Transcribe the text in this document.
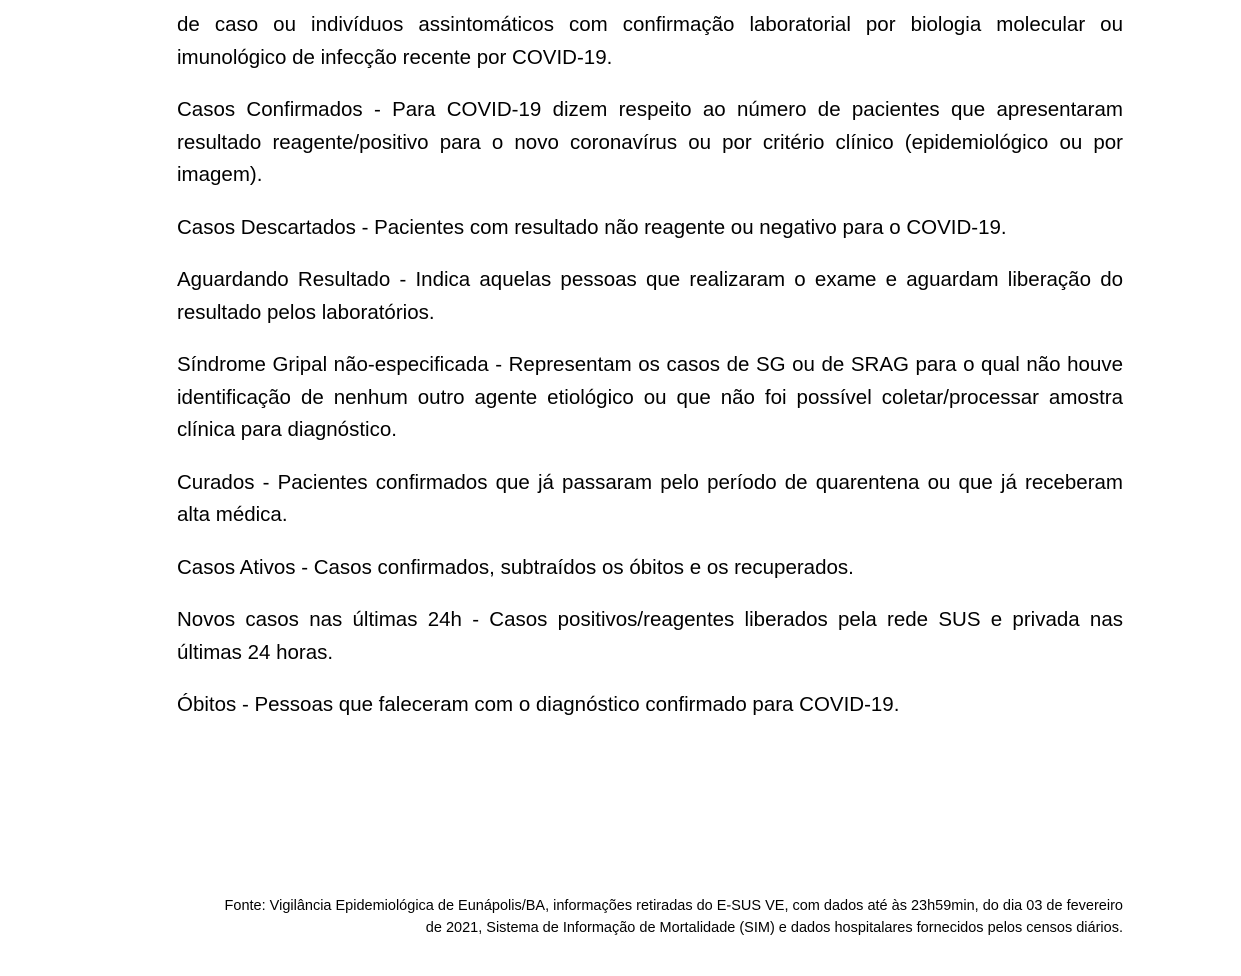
de caso ou indivíduos assintomáticos com confirmação laboratorial por biologia molecular ou imunológico de infecção recente por COVID-19.

Casos Confirmados - Para COVID-19 dizem respeito ao número de pacientes que apresentaram resultado reagente/positivo para o novo coronavírus ou por critério clínico (epidemiológico ou por imagem).

Casos Descartados - Pacientes com resultado não reagente ou negativo para o COVID-19.

Aguardando Resultado - Indica aquelas pessoas que realizaram o exame e aguardam liberação do resultado pelos laboratórios.

Síndrome Gripal não-especificada - Representam os casos de SG ou de SRAG para o qual não houve identificação de nenhum outro agente etiológico ou que não foi possível coletar/processar amostra clínica para diagnóstico.

Curados - Pacientes confirmados que já passaram pelo período de quarentena ou que já receberam alta médica.

Casos Ativos - Casos confirmados, subtraídos os óbitos e os recuperados.

Novos casos nas últimas 24h - Casos positivos/reagentes liberados pela rede SUS e privada nas últimas 24 horas.

Óbitos - Pessoas que faleceram com o diagnóstico confirmado para COVID-19.

Fonte: Vigilância Epidemiológica de Eunápolis/BA, informações retiradas do E-SUS VE, com dados até às 23h59min, do dia 03 de fevereiro
de 2021, Sistema de Informação de Mortalidade (SIM) e dados hospitalares fornecidos pelos censos diários.
